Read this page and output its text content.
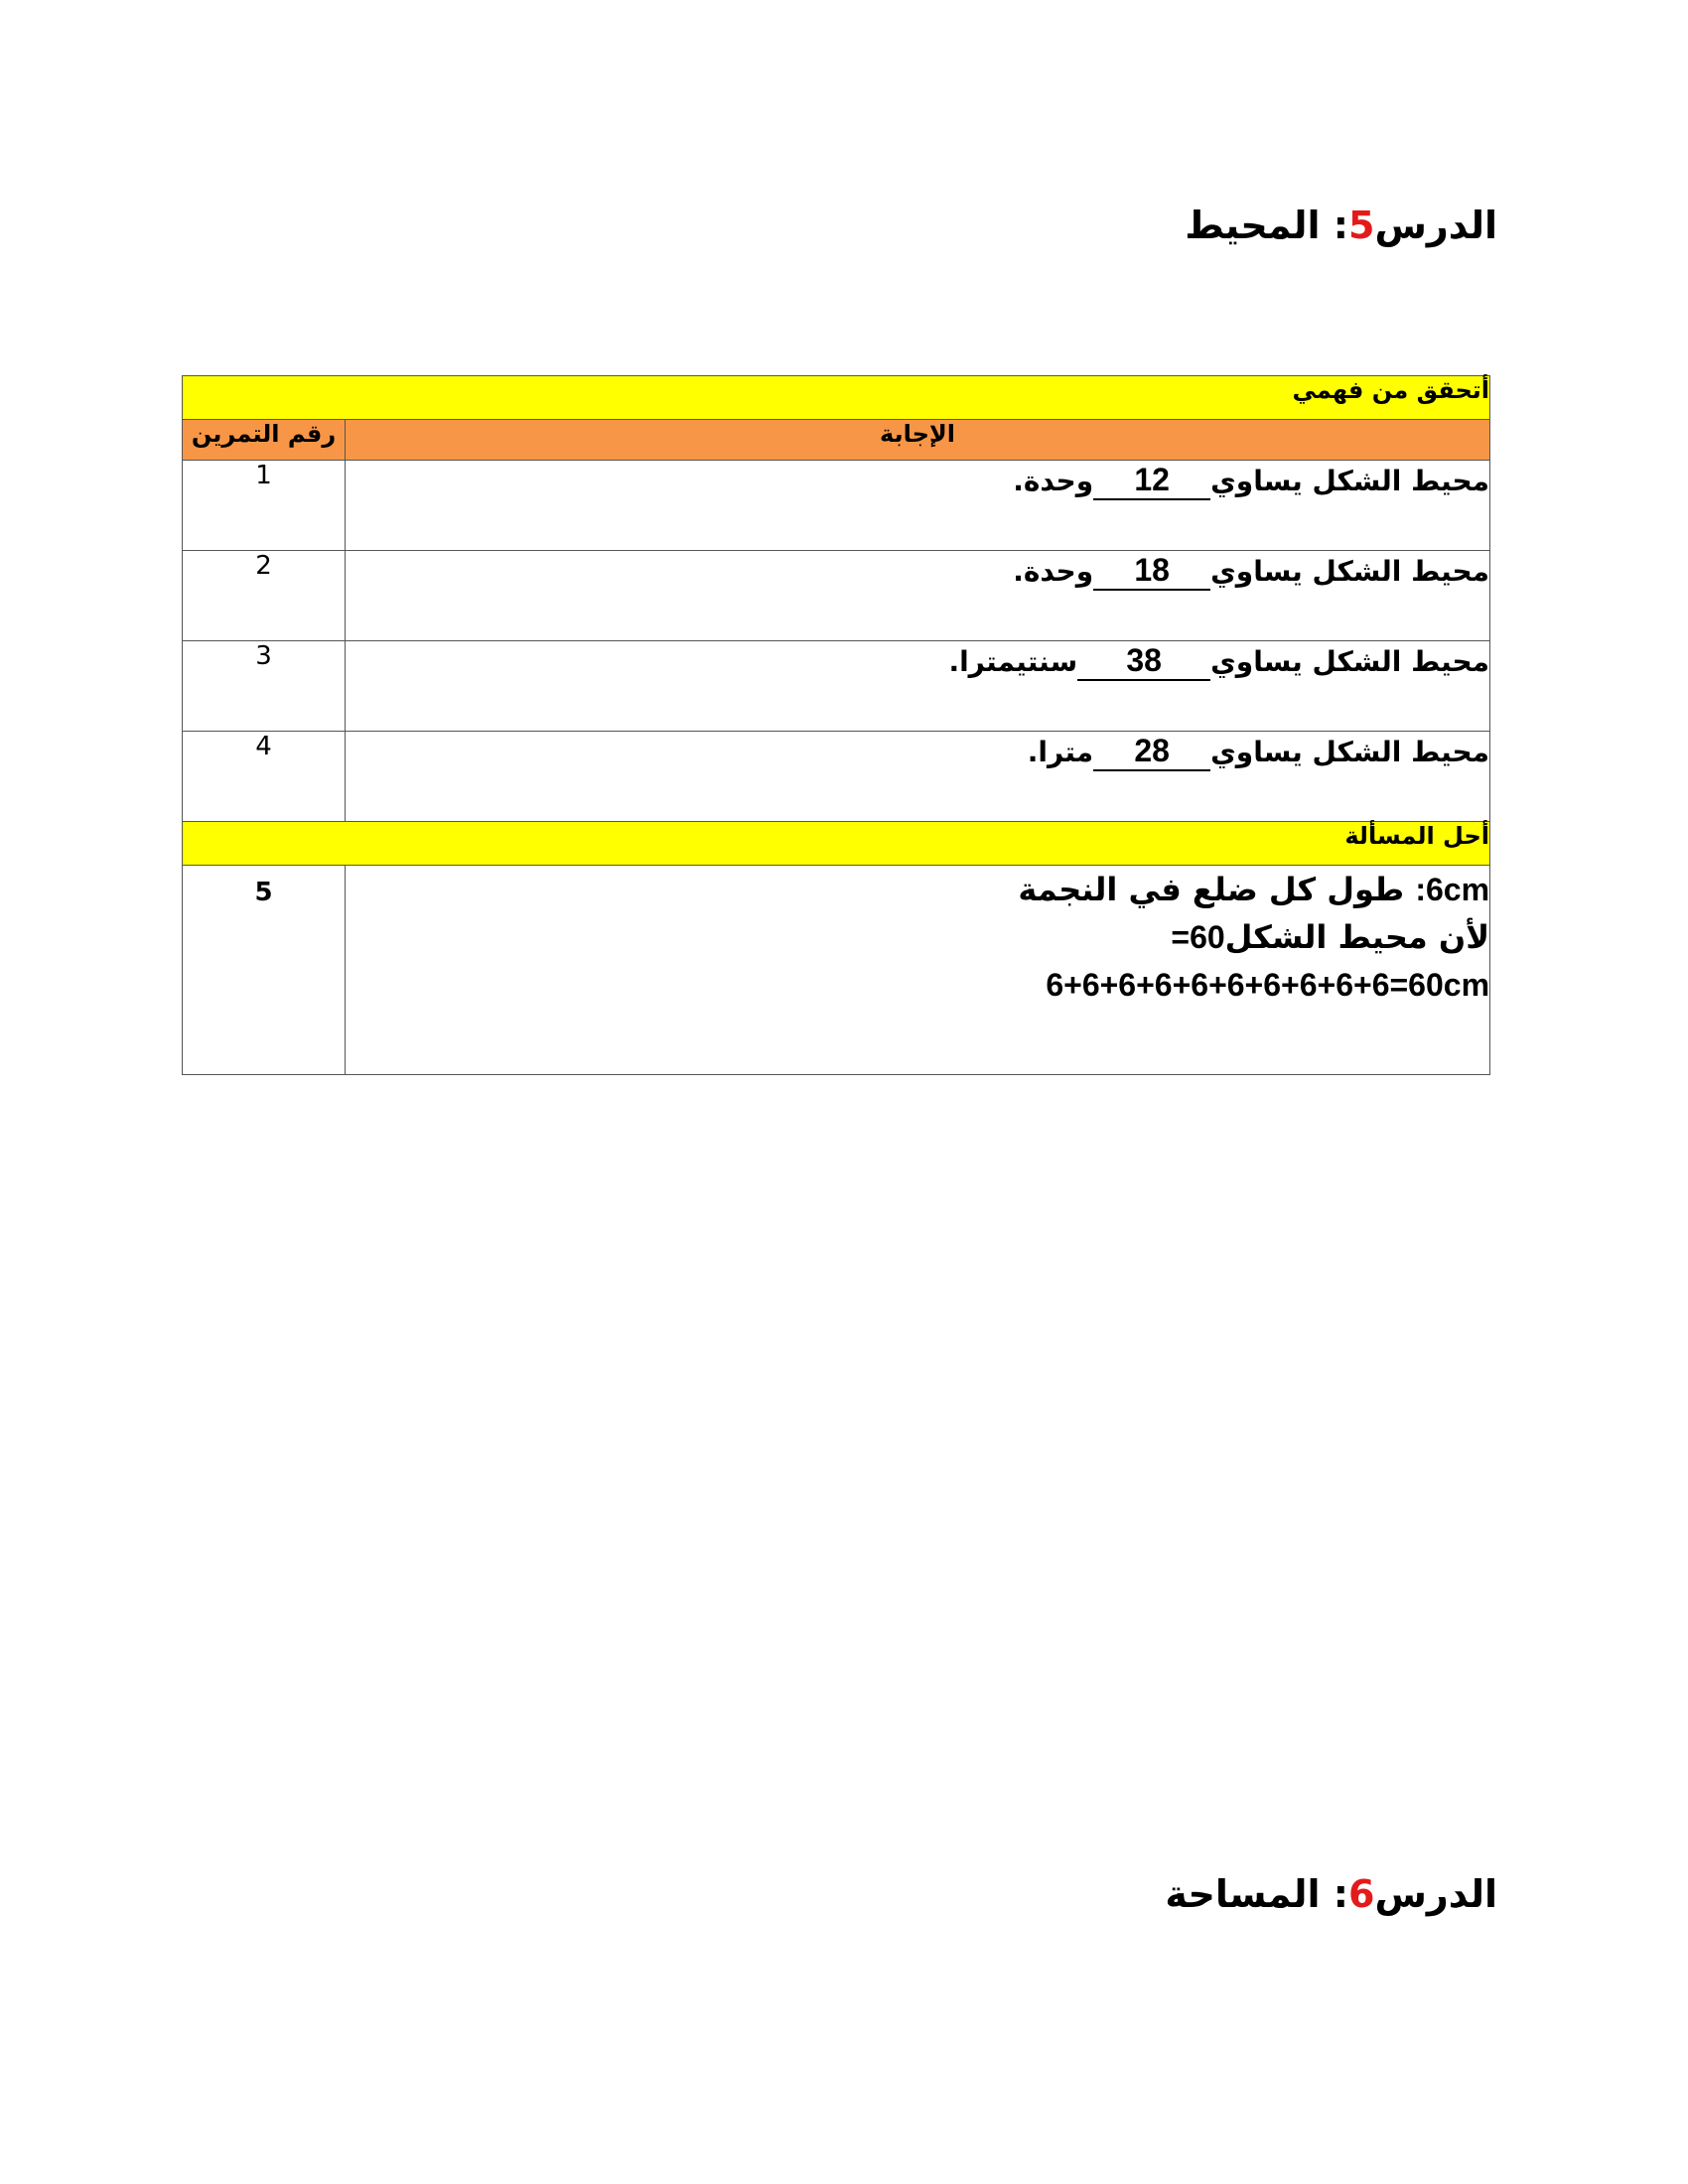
الدرس5: المحيط
أتحقق من فهمي	
الإجابة	رقم التمرين

محيط الشكل يساوي12وحدة.	1

محيط الشكل يساوي18وحدة.	2

محيط الشكل يساوي38سنتيمترا.	3

محيط الشكل يساوي28مترا.	4
أحل المسألة	

:6cm طول كل ضلع في النجمة
لأن محيط الشكل=60
6+6+6+6+6+6+6+6+6+6=60cm	5
الدرس6: المساحة
